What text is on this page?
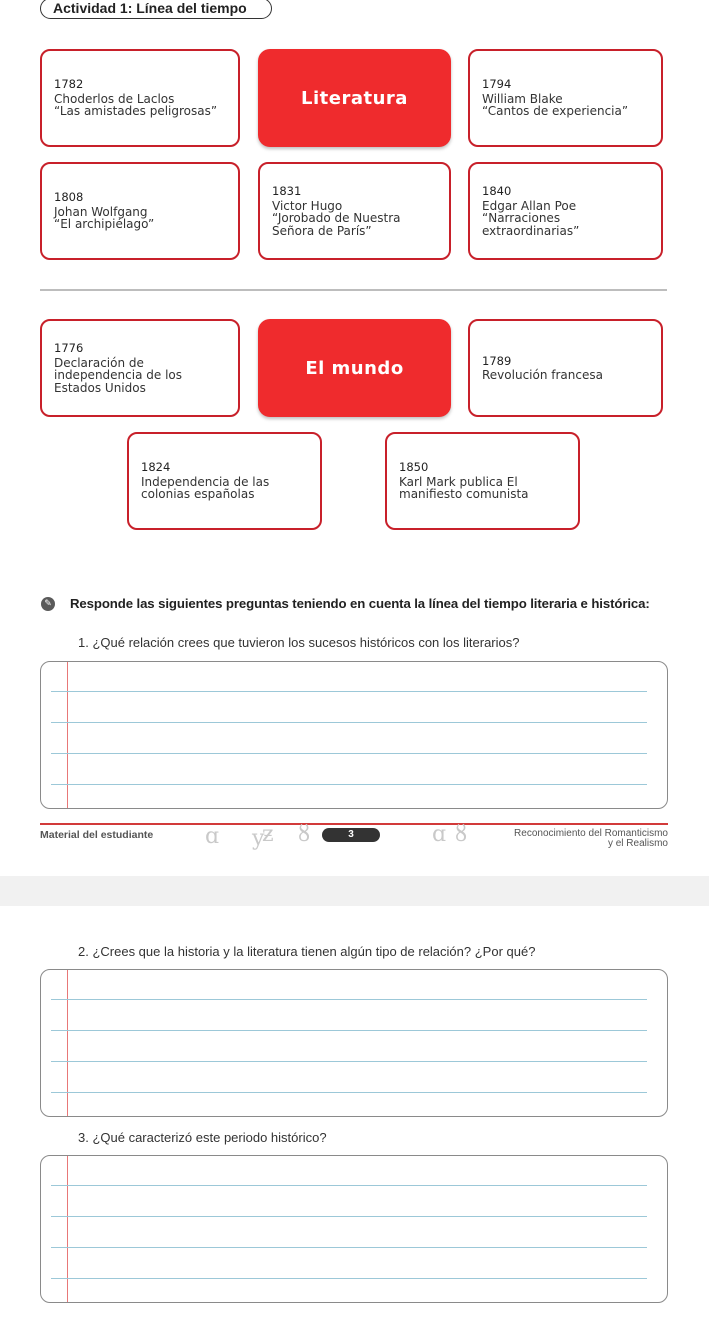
Actividad 1: Línea del tiempo
1782
Choderlos de Laclos
“Las amistades peligrosas”
Literatura
1794
William Blake
“Cantos de experiencia”
1808
Johan Wolfgang
“El archipiélago”
1831
Victor Hugo
“Jorobado de Nuestra
Señora de París”
1840
Edgar Allan Poe
“Narraciones
extraordinarias”
1776
Declaración de
independencia de los
Estados Unidos
El mundo	1789
Revolución francesa
1824
Independencia de las
colonias españolas
1850
Karl Mark publica El
manifiesto comunista
✎ Responde las siguientes preguntas teniendo en cuenta la línea del tiempo literaria e histórica:
1. ¿Qué relación crees que tuvieron los sucesos históricos con los literarios?
Material del estudiante ɑ y
ƶ ȣ	3	ɑ ȣ	Reconocimiento del Romanticismo
y el Realismo
2. ¿Crees que la historia y la literatura tienen algún tipo de relación? ¿Por qué?
3. ¿Qué caracterizó este periodo histórico?
